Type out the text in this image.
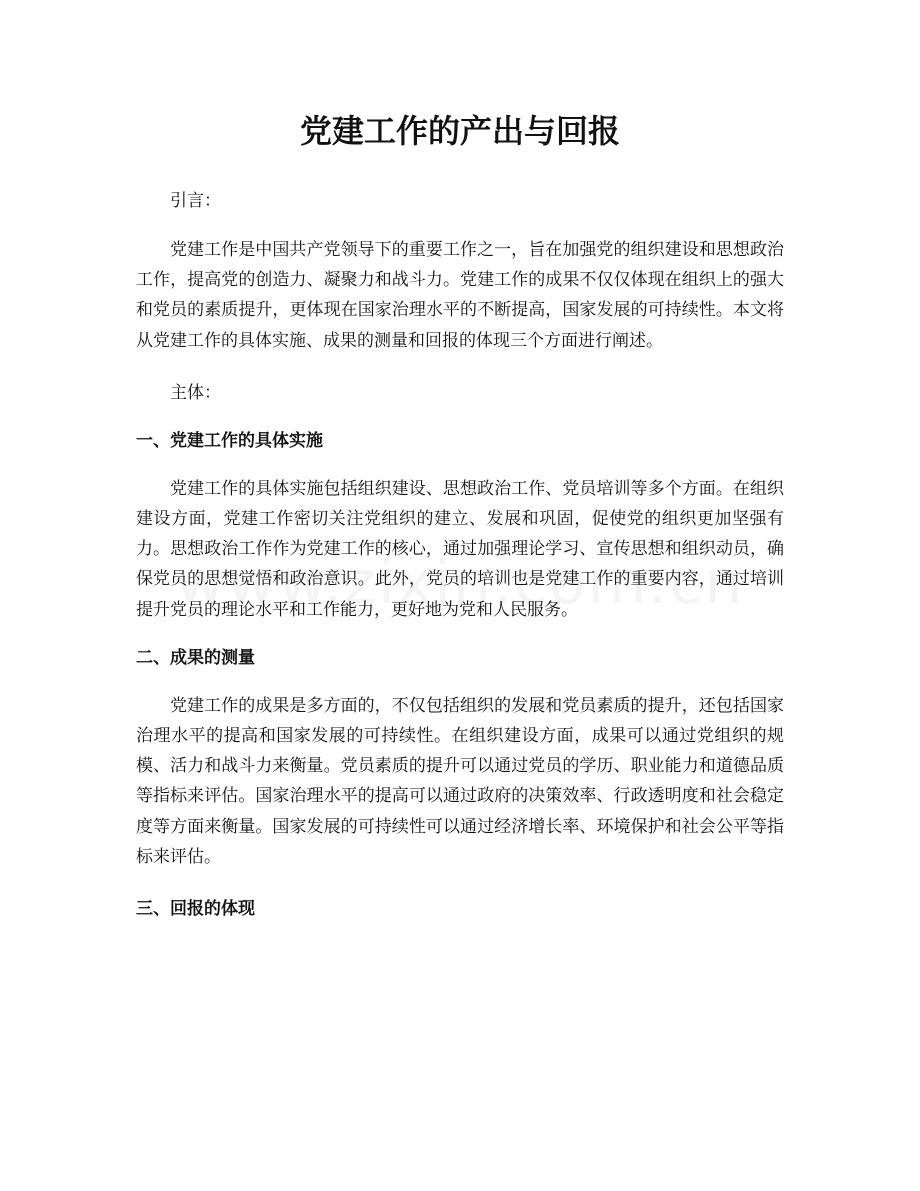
党建工作的产出与回报

引言：

党建工作是中国共产党领导下的重要工作之一，旨在加强党的组织建设和思想政治工作，提高党的创造力、凝聚力和战斗力。党建工作的成果不仅仅体现在组织上的强大和党员的素质提升，更体现在国家治理水平的不断提高，国家发展的可持续性。本文将从党建工作的具体实施、成果的测量和回报的体现三个方面进行阐述。

主体：

一、党建工作的具体实施

党建工作的具体实施包括组织建设、思想政治工作、党员培训等多个方面。在组织建设方面，党建工作密切关注党组织的建立、发展和巩固，促使党的组织更加坚强有力。思想政治工作作为党建工作的核心，通过加强理论学习、宣传思想和组织动员，确保党员的思想觉悟和政治意识。此外，党员的培训也是党建工作的重要内容，通过培训提升党员的理论水平和工作能力，更好地为党和人民服务。

二、成果的测量

党建工作的成果是多方面的，不仅包括组织的发展和党员素质的提升，还包括国家治理水平的提高和国家发展的可持续性。在组织建设方面，成果可以通过党组织的规模、活力和战斗力来衡量。党员素质的提升可以通过党员的学历、职业能力和道德品质等指标来评估。国家治理水平的提高可以通过政府的决策效率、行政透明度和社会稳定度等方面来衡量。国家发展的可持续性可以通过经济增长率、环境保护和社会公平等指标来评估。

三、回报的体现
